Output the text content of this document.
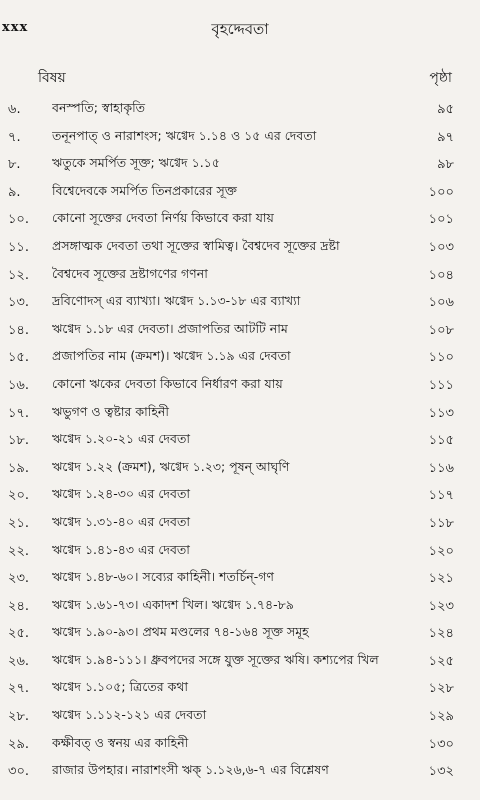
xxx	বৃহদ্দেবতা
বিষয়	পৃষ্ঠা
৬.	বনস্পতি; স্বাহাকৃতি	৯৫
৭.	তনূনপাত্ ও নারাশংস; ঋগ্বেদ ১.১৪ ও ১৫ এর দেবতা	৯৭
৮.	ঋতুকে সমর্পিত সূক্ত; ঋগ্বেদ ১.১৫	৯৮
৯.	বিশ্বেদেবকে সমর্পিত তিনপ্রকারের সূক্ত	১০০
১০.	কোনো সূক্তের দেবতা নির্ণয় কিভাবে করা যায়	১০১
১১.	প্রসঙ্গাত্মক দেবতা তথা সূক্তের স্বামিত্ব। বৈশ্বদেব সূক্তের দ্রষ্টা	১০৩
১২.	বৈশ্বদেব সূক্তের দ্রষ্টাগণের গণনা	১০৪
১৩.	দ্রবিণোদস্ এর ব্যাখ্যা। ঋগ্বেদ ১.১৩-১৮ এর ব্যাখ্যা	১০৬
১৪.	ঋগ্বেদ ১.১৮ এর দেবতা। প্রজাপতির আটটি নাম	১০৮
১৫.	প্রজাপতির নাম (ক্রমশ)। ঋগ্বেদ ১.১৯ এর দেবতা	১১০
১৬.	কোনো ঋকের দেবতা কিভাবে নির্ধারণ করা যায়	১১১
১৭.	ঋভুগণ ও ত্বষ্টার কাহিনী	১১৩
১৮.	ঋগ্বেদ ১.২০-২১ এর দেবতা	১১৫
১৯.	ঋগ্বেদ ১.২২ (ক্রমশ), ঋগ্বেদ ১.২৩; পূষন্ আঘৃণি	১১৬
২০.	ঋগ্বেদ ১.২৪-৩০ এর দেবতা	১১৭
২১.	ঋগ্বেদ ১.৩১-৪০ এর দেবতা	১১৮
২২.	ঋগ্বেদ ১.৪১-৪৩ এর দেবতা	১২০
২৩.	ঋগ্বেদ ১.৪৮-৬০। সব্যের কাহিনী। শতর্চিন্-গণ	১২১
২৪.	ঋগ্বেদ ১.৬১-৭৩। একাদশ খিল। ঋগ্বেদ ১.৭৪-৮৯	১২৩
২৫.	ঋগ্বেদ ১.৯০-৯৩। প্রথম মণ্ডলের ৭৪-১৬৪ সূক্ত সমূহ	১২৪
২৬.	ঋগ্বেদ ১.৯৪-১১১। ধ্রুবপদের সঙ্গে যুক্ত সূক্তের ঋষি। কশ্যপের খিল	১২৫
২৭.	ঋগ্বেদ ১.১০৫; ত্রিতের কথা	১২৮
২৮.	ঋগ্বেদ ১.১১২-১২১ এর দেবতা	১২৯
২৯.	কক্ষীবত্ ও স্বনয় এর কাহিনী	১৩০
৩০.	রাজার উপহার। নারাশংসী ঋক্ ১.১২৬,৬-৭ এর বিশ্লেষণ	১৩২
